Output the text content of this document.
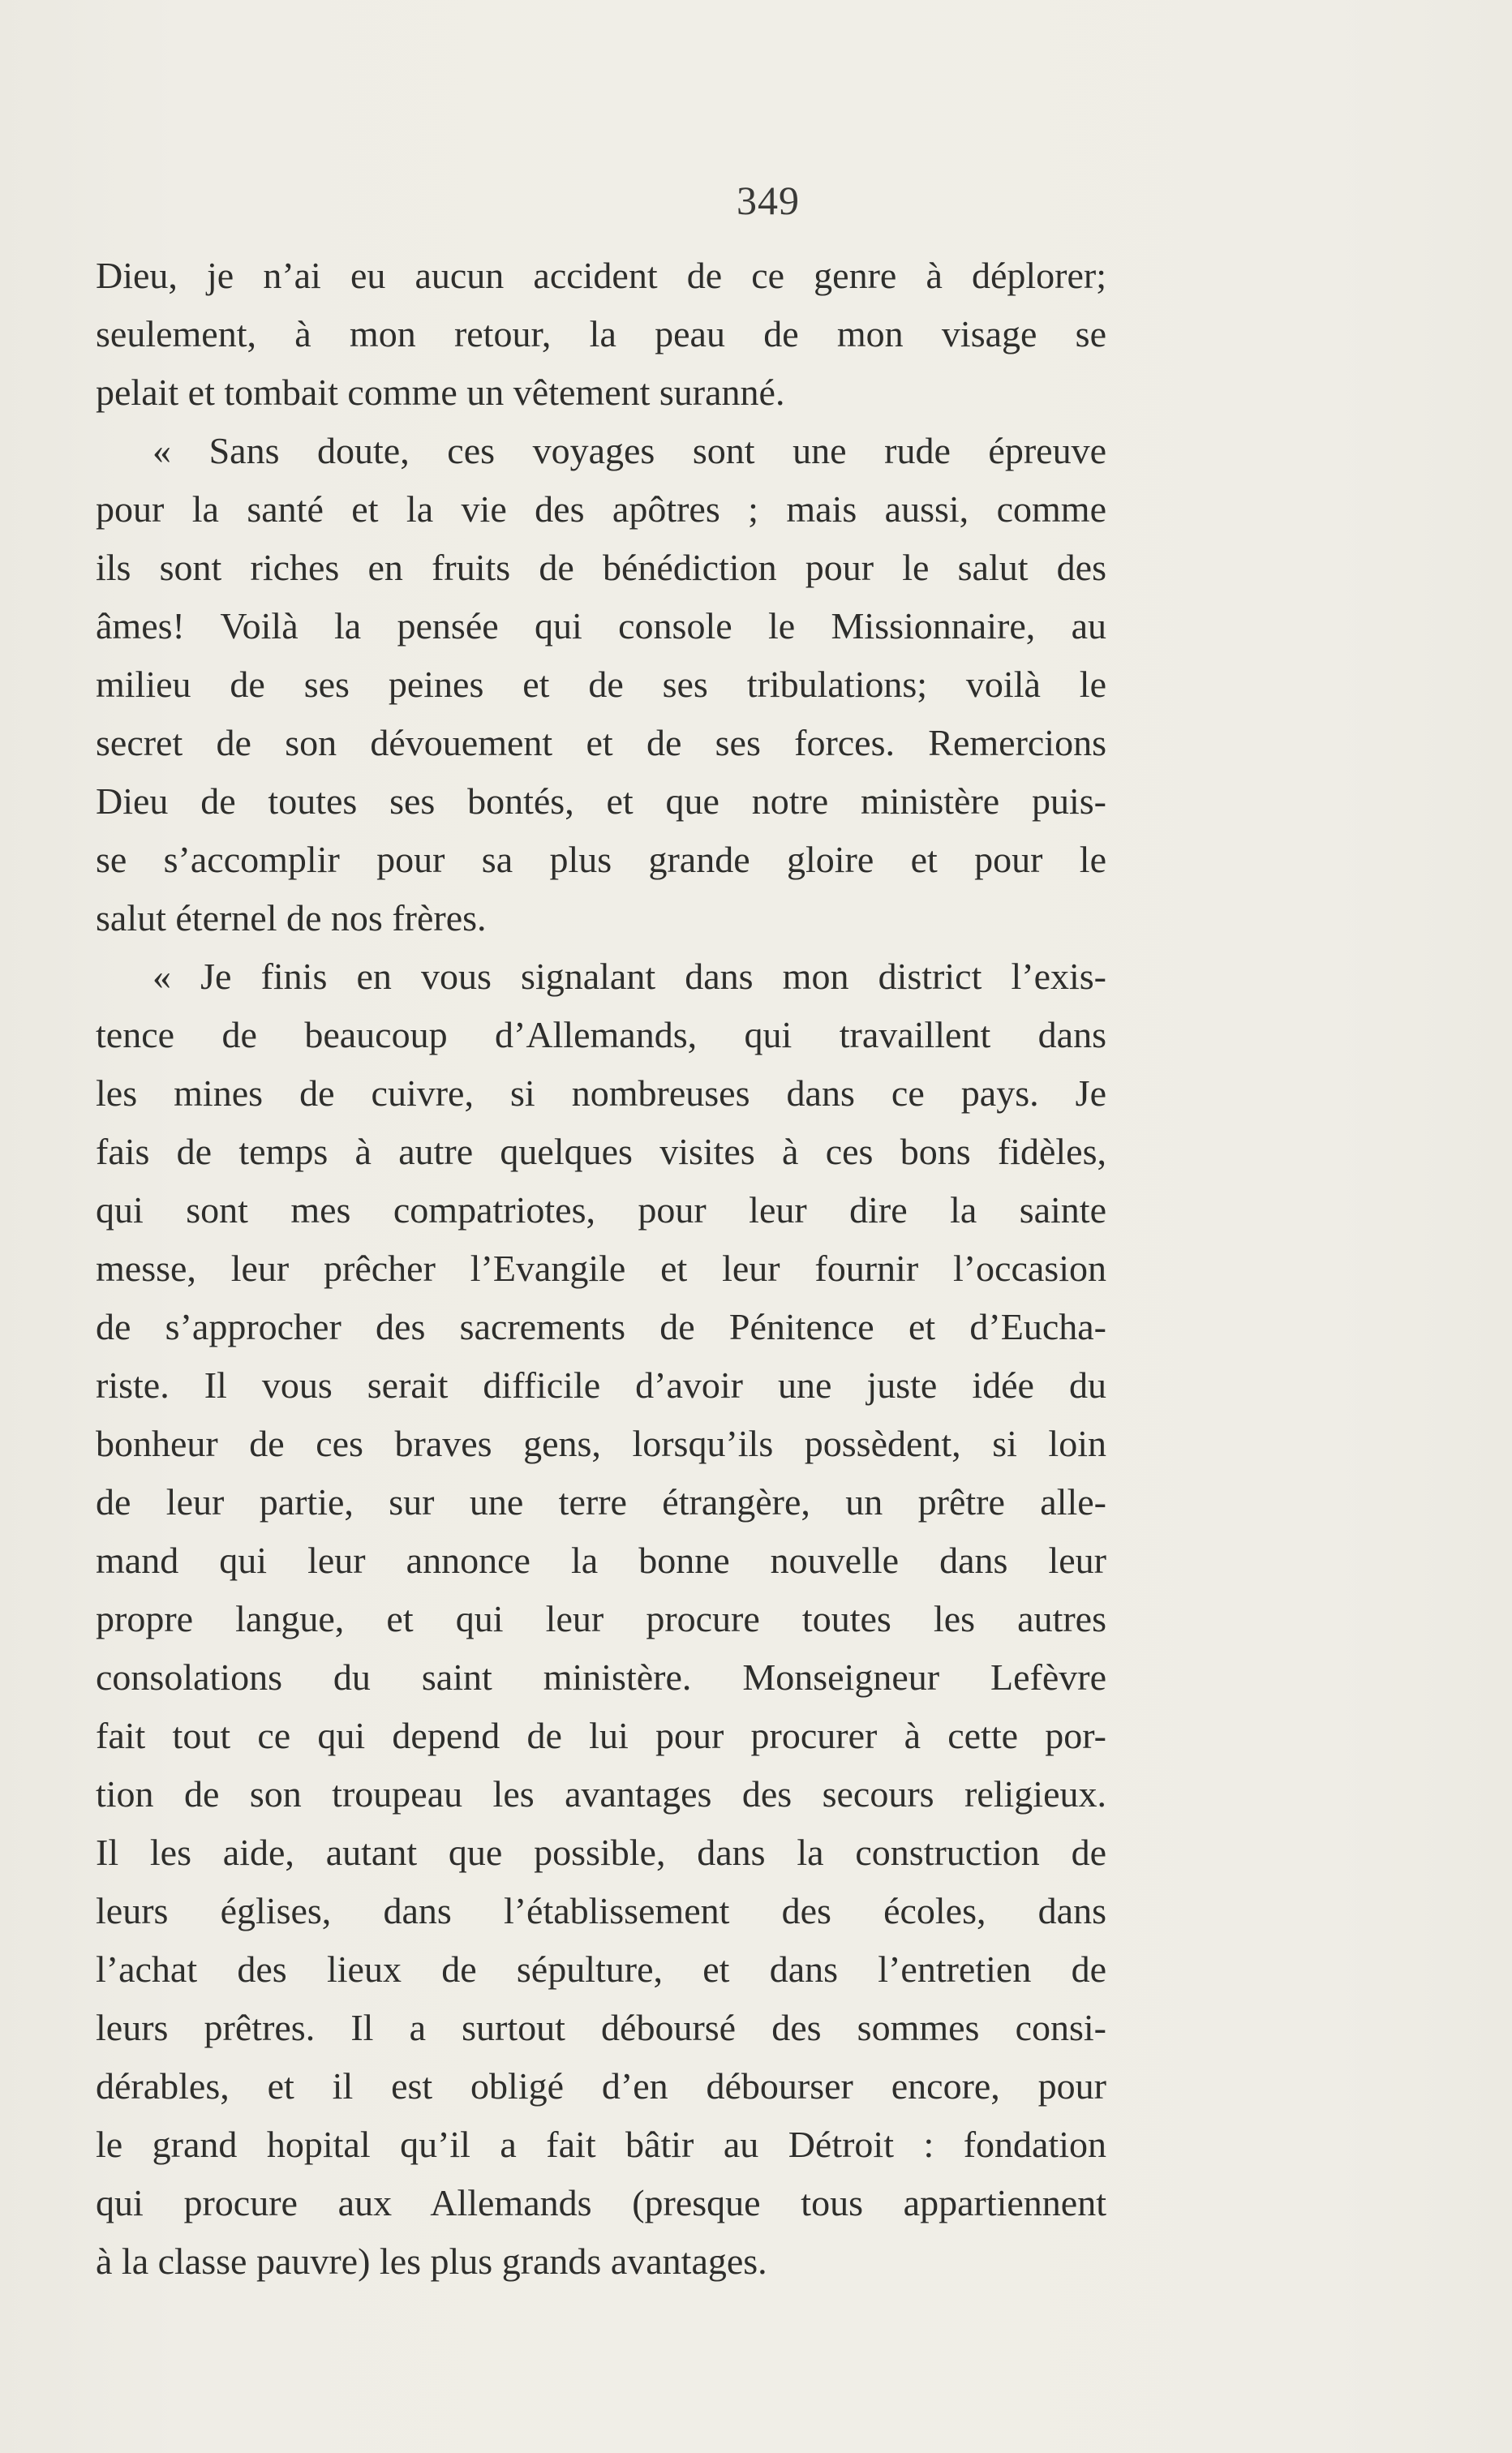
349
Dieu, je n’ai eu aucun accident de ce genre à déplorer;
seulement, à mon retour, la peau de mon visage se
pelait et tombait comme un vêtement suranné.
« Sans doute, ces voyages sont une rude épreuve
pour la santé et la vie des apôtres ; mais aussi, comme
ils sont riches en fruits de bénédiction pour le salut des
âmes! Voilà la pensée qui console le Missionnaire, au
milieu de ses peines et de ses tribulations; voilà le
secret de son dévouement et de ses forces. Remercions
Dieu de toutes ses bontés, et que notre ministère puis-
se s’accomplir pour sa plus grande gloire et pour le
salut éternel de nos frères.
« Je finis en vous signalant dans mon district l’exis-
tence de beaucoup d’Allemands, qui travaillent dans
les mines de cuivre, si nombreuses dans ce pays. Je
fais de temps à autre quelques visites à ces bons fidèles,
qui sont mes compatriotes, pour leur dire la sainte
messe, leur prêcher l’Evangile et leur fournir l’occasion
de s’approcher des sacrements de Pénitence et d’Eucha-
riste. Il vous serait difficile d’avoir une juste idée du
bonheur de ces braves gens, lorsqu’ils possèdent, si loin
de leur partie, sur une terre étrangère, un prêtre alle-
mand qui leur annonce la bonne nouvelle dans leur
propre langue, et qui leur procure toutes les autres
consolations du saint ministère. Monseigneur Lefèvre
fait tout ce qui depend de lui pour procurer à cette por-
tion de son troupeau les avantages des secours religieux.
Il les aide, autant que possible, dans la construction de
leurs églises, dans l’établissement des écoles, dans
l’achat des lieux de sépulture, et dans l’entretien de
leurs prêtres. Il a surtout déboursé des sommes consi-
dérables, et il est obligé d’en débourser encore, pour
le grand hopital qu’il a fait bâtir au Détroit : fondation
qui procure aux Allemands (presque tous appartiennent
à la classe pauvre) les plus grands avantages.
